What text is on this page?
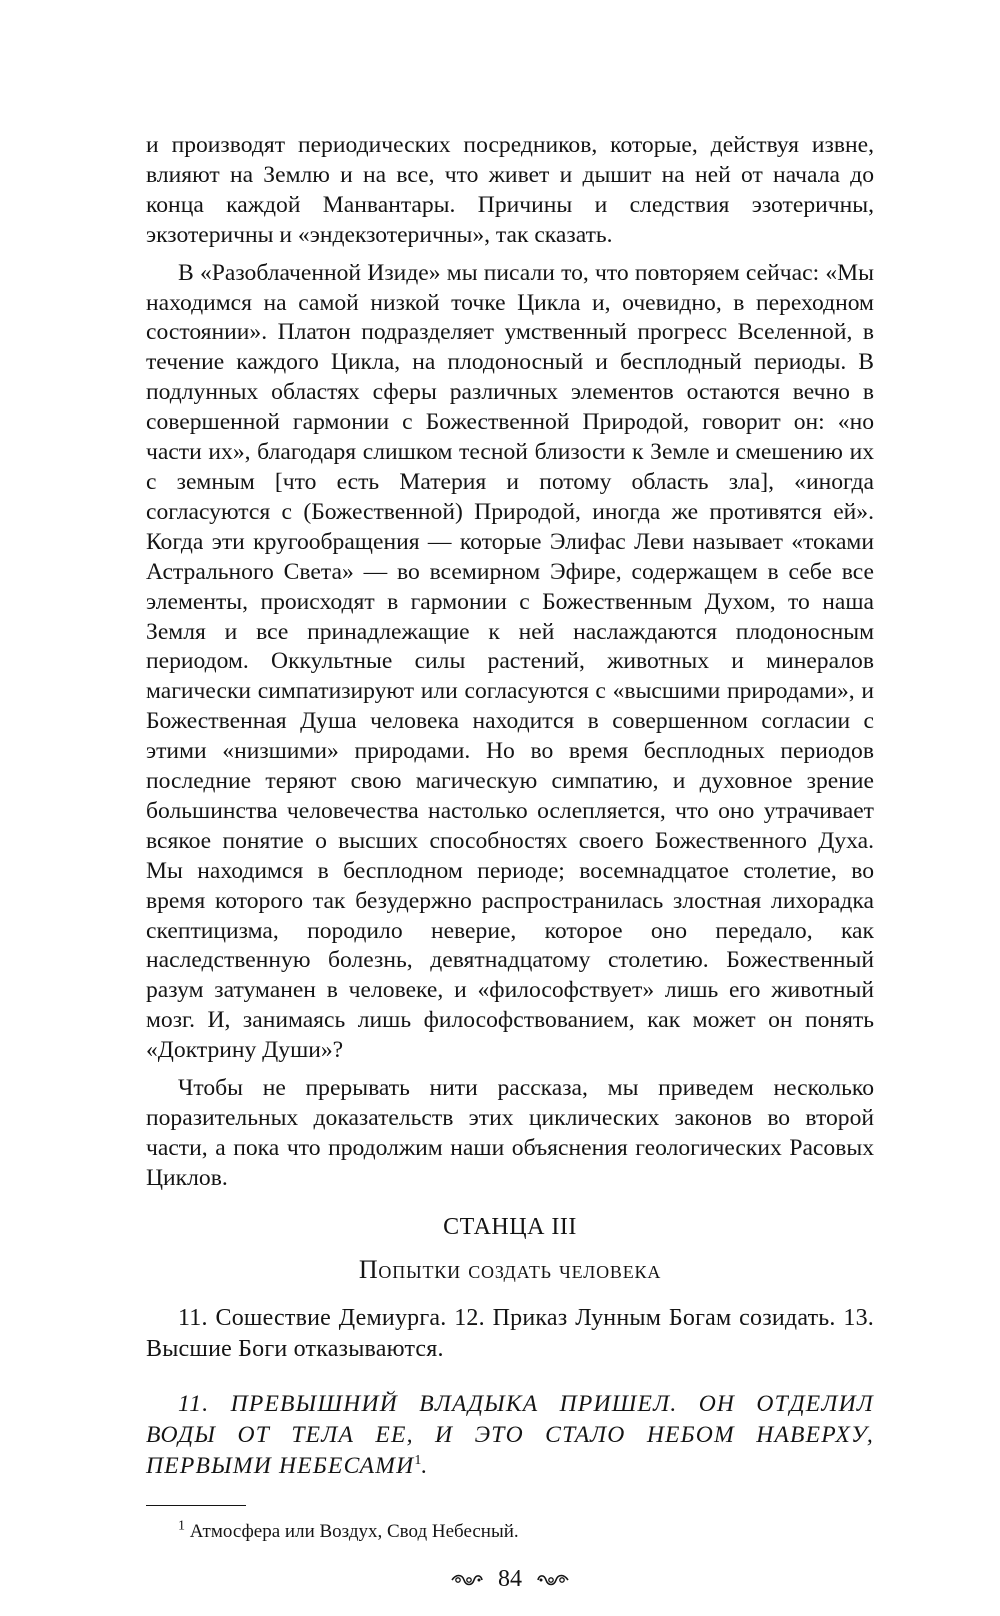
и производят периодических посредников, которые, действуя извне, влияют на Землю и на все, что живет и дышит на ней от начала до конца каждой Манвантары. Причины и следствия эзотеричны, экзотеричны и «эндекзотеричны», так сказать.

В «Разоблаченной Изиде» мы писали то, что повторяем сейчас: «Мы находимся на самой низкой точке Цикла и, очевидно, в переходном состоянии». Платон подразделяет умственный прогресс Вселенной, в течение каждого Цикла, на плодоносный и бесплодный периоды. В подлунных областях сферы различных элементов остаются вечно в совершенной гармонии с Божественной Природой, говорит он: «но части их», благодаря слишком тесной близости к Земле и смешению их с земным [что есть Материя и потому область зла], «иногда согласуются с (Божественной) Природой, иногда же противятся ей». Когда эти кругообращения — которые Элифас Леви называет «токами Астрального Света» — во всемирном Эфире, содержащем в себе все элементы, происходят в гармонии с Божественным Духом, то наша Земля и все принадлежащие к ней наслаждаются плодоносным периодом. Оккультные силы растений, животных и минералов магически симпатизируют или согласуются с «высшими природами», и Божественная Душа человека находится в совершенном согласии с этими «низшими» природами. Но во время бесплодных периодов последние теряют свою магическую симпатию, и духовное зрение большинства человечества настолько ослепляется, что оно утрачивает всякое понятие о высших способностях своего Божественного Духа. Мы находимся в бесплодном периоде; восемнадцатое столетие, во время которого так безудержно распространилась злостная лихорадка скептицизма, породило неверие, которое оно передало, как наследственную болезнь, девятнадцатому столетию. Божественный разум затуманен в человеке, и «философствует» лишь его животный мозг. И, занимаясь лишь философствованием, как может он понять «Доктрину Души»?

Чтобы не прерывать нити рассказа, мы приведем несколько поразительных доказательств этих циклических законов во второй части, а пока что продолжим наши объяснения геологических Расовых Циклов.

СТАНЦА III
Попытки создать человека

11. Сошествие Демиурга. 12. Приказ Лунным Богам созидать. 13. Высшие Боги отказываются.

11. ПРЕВЫШНИЙ ВЛАДЫКА ПРИШЕЛ. ОН ОТДЕЛИЛ ВОДЫ ОТ ТЕЛА ЕЕ, И ЭТО СТАЛО НЕБОМ НАВЕРХУ, ПЕРВЫМИ НЕБЕСАМИ$^1$.

$^1$ Атмосфера или Воздух, Свод Небесный.
84
